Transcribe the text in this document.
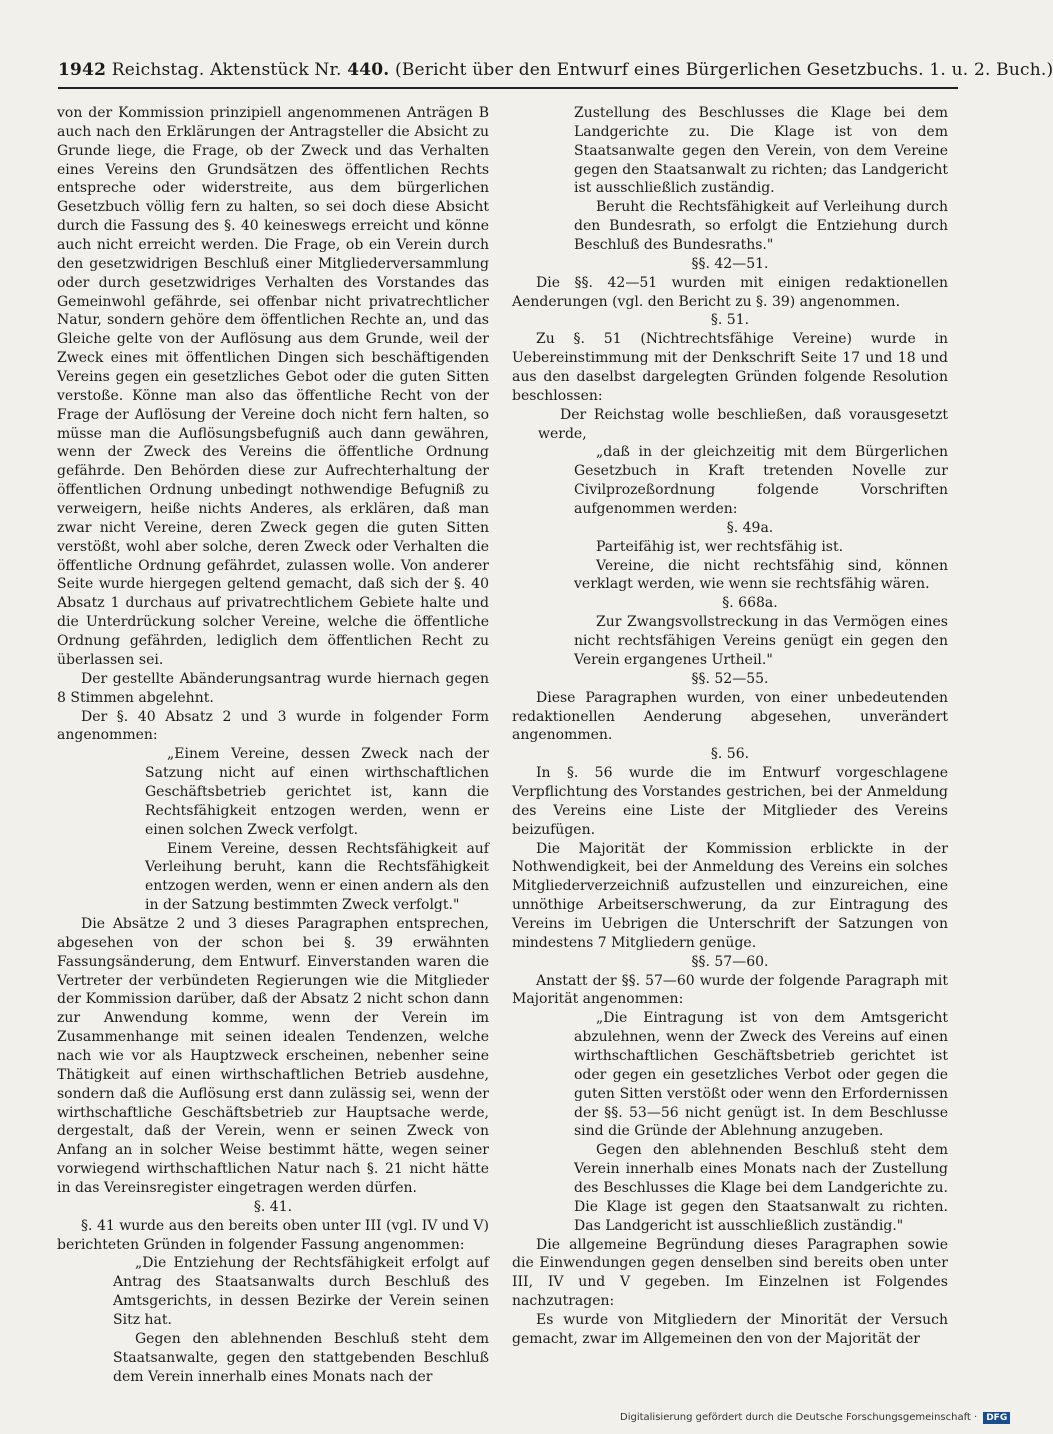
1942 Reichstag. Aktenstück Nr. 440. (Bericht über den Entwurf eines Bürgerlichen Gesetzbuchs. 1. u. 2. Buch.)

von der Kommission prinzipiell angenommenen Anträgen B auch nach den Erklärungen der Antragsteller die Absicht zu Grunde liege, die Frage, ob der Zweck und das Verhalten eines Vereins den Grundsätzen des öffentlichen Rechts entspreche oder widerstreite, aus dem bürgerlichen Gesetzbuch völlig fern zu halten, so sei doch diese Absicht durch die Fassung des §. 40 keineswegs erreicht und könne auch nicht erreicht werden. Die Frage, ob ein Verein durch den gesetzwidrigen Beschluß einer Mitgliederversammlung oder durch gesetzwidriges Verhalten des Vorstandes das Gemeinwohl gefährde, sei offenbar nicht privatrechtlicher Natur, sondern gehöre dem öffentlichen Rechte an, und das Gleiche gelte von der Auflösung aus dem Grunde, weil der Zweck eines mit öffentlichen Dingen sich beschäftigenden Vereins gegen ein gesetzliches Gebot oder die guten Sitten verstoße. Könne man also das öffentliche Recht von der Frage der Auflösung der Vereine doch nicht fern halten, so müsse man die Auflösungsbefugniß auch dann gewähren, wenn der Zweck des Vereins die öffentliche Ordnung gefährde. Den Behörden diese zur Aufrechterhaltung der öffentlichen Ordnung unbedingt nothwendige Befugniß zu verweigern, heiße nichts Anderes, als erklären, daß man zwar nicht Vereine, deren Zweck gegen die guten Sitten verstößt, wohl aber solche, deren Zweck oder Verhalten die öffentliche Ordnung gefährdet, zulassen wolle. Von anderer Seite wurde hiergegen geltend gemacht, daß sich der §. 40 Absatz 1 durchaus auf privatrechtlichem Gebiete halte und die Unterdrückung solcher Vereine, welche die öffentliche Ordnung gefährden, lediglich dem öffentlichen Recht zu überlassen sei.

Der gestellte Abänderungsantrag wurde hiernach gegen 8 Stimmen abgelehnt.

Der §. 40 Absatz 2 und 3 wurde in folgender Form angenommen:

„Einem Vereine, dessen Zweck nach der Satzung nicht auf einen wirthschaftlichen Geschäftsbetrieb gerichtet ist, kann die Rechtsfähigkeit entzogen werden, wenn er einen solchen Zweck verfolgt.

Einem Vereine, dessen Rechtsfähigkeit auf Verleihung beruht, kann die Rechtsfähigkeit entzogen werden, wenn er einen andern als den in der Satzung bestimmten Zweck verfolgt."

Die Absätze 2 und 3 dieses Paragraphen entsprechen, abgesehen von der schon bei §. 39 erwähnten Fassungsänderung, dem Entwurf. Einverstanden waren die Vertreter der verbündeten Regierungen wie die Mitglieder der Kommission darüber, daß der Absatz 2 nicht schon dann zur Anwendung komme, wenn der Verein im Zusammenhange mit seinen idealen Tendenzen, welche nach wie vor als Hauptzweck erscheinen, nebenher seine Thätigkeit auf einen wirthschaftlichen Betrieb ausdehne, sondern daß die Auflösung erst dann zulässig sei, wenn der wirthschaftliche Geschäftsbetrieb zur Hauptsache werde, dergestalt, daß der Verein, wenn er seinen Zweck von Anfang an in solcher Weise bestimmt hätte, wegen seiner vorwiegend wirthschaftlichen Natur nach §. 21 nicht hätte in das Vereinsregister eingetragen werden dürfen.

§. 41.

§. 41 wurde aus den bereits oben unter III (vgl. IV und V) berichteten Gründen in folgender Fassung angenommen:

„Die Entziehung der Rechtsfähigkeit erfolgt auf Antrag des Staatsanwalts durch Beschluß des Amtsgerichts, in dessen Bezirke der Verein seinen Sitz hat.

Gegen den ablehnenden Beschluß steht dem Staatsanwalte, gegen den stattgebenden Beschluß dem Verein innerhalb eines Monats nach der

Zustellung des Beschlusses die Klage bei dem Landgerichte zu. Die Klage ist von dem Staatsanwalte gegen den Verein, von dem Vereine gegen den Staatsanwalt zu richten; das Landgericht ist ausschließlich zuständig.

Beruht die Rechtsfähigkeit auf Verleihung durch den Bundesrath, so erfolgt die Entziehung durch Beschluß des Bundesraths."

§§. 42—51.

Die §§. 42—51 wurden mit einigen redaktionellen Aenderungen (vgl. den Bericht zu §. 39) angenommen.

§. 51.

Zu §. 51 (Nichtrechtsfähige Vereine) wurde in Uebereinstimmung mit der Denkschrift Seite 17 und 18 und aus den daselbst dargelegten Gründen folgende Resolution beschlossen:

Der Reichstag wolle beschließen, daß vorausgesetzt werde,

„daß in der gleichzeitig mit dem Bürgerlichen Gesetzbuch in Kraft tretenden Novelle zur Civilprozeßordnung folgende Vorschriften aufgenommen werden:

§. 49a.

Parteifähig ist, wer rechtsfähig ist.

Vereine, die nicht rechtsfähig sind, können verklagt werden, wie wenn sie rechtsfähig wären.

§. 668a.

Zur Zwangsvollstreckung in das Vermögen eines nicht rechtsfähigen Vereins genügt ein gegen den Verein ergangenes Urtheil."

§§. 52—55.

Diese Paragraphen wurden, von einer unbedeutenden redaktionellen Aenderung abgesehen, unverändert angenommen.

§. 56.

In §. 56 wurde die im Entwurf vorgeschlagene Verpflichtung des Vorstandes gestrichen, bei der Anmeldung des Vereins eine Liste der Mitglieder des Vereins beizufügen.

Die Majorität der Kommission erblickte in der Nothwendigkeit, bei der Anmeldung des Vereins ein solches Mitgliederverzeichniß aufzustellen und einzureichen, eine unnöthige Arbeitserschwerung, da zur Eintragung des Vereins im Uebrigen die Unterschrift der Satzungen von mindestens 7 Mitgliedern genüge.

§§. 57—60.

Anstatt der §§. 57—60 wurde der folgende Paragraph mit Majorität angenommen:

„Die Eintragung ist von dem Amtsgericht abzulehnen, wenn der Zweck des Vereins auf einen wirthschaftlichen Geschäftsbetrieb gerichtet ist oder gegen ein gesetzliches Verbot oder gegen die guten Sitten verstößt oder wenn den Erfordernissen der §§. 53—56 nicht genügt ist. In dem Beschlusse sind die Gründe der Ablehnung anzugeben.

Gegen den ablehnenden Beschluß steht dem Verein innerhalb eines Monats nach der Zustellung des Beschlusses die Klage bei dem Landgerichte zu. Die Klage ist gegen den Staatsanwalt zu richten. Das Landgericht ist ausschließlich zuständig."

Die allgemeine Begründung dieses Paragraphen sowie die Einwendungen gegen denselben sind bereits oben unter III, IV und V gegeben. Im Einzelnen ist Folgendes nachzutragen:

Es wurde von Mitgliedern der Minorität der Versuch gemacht, zwar im Allgemeinen den von der Majorität der

Digitalisierung gefördert durch die Deutsche Forschungsgemeinschaft · DFG
